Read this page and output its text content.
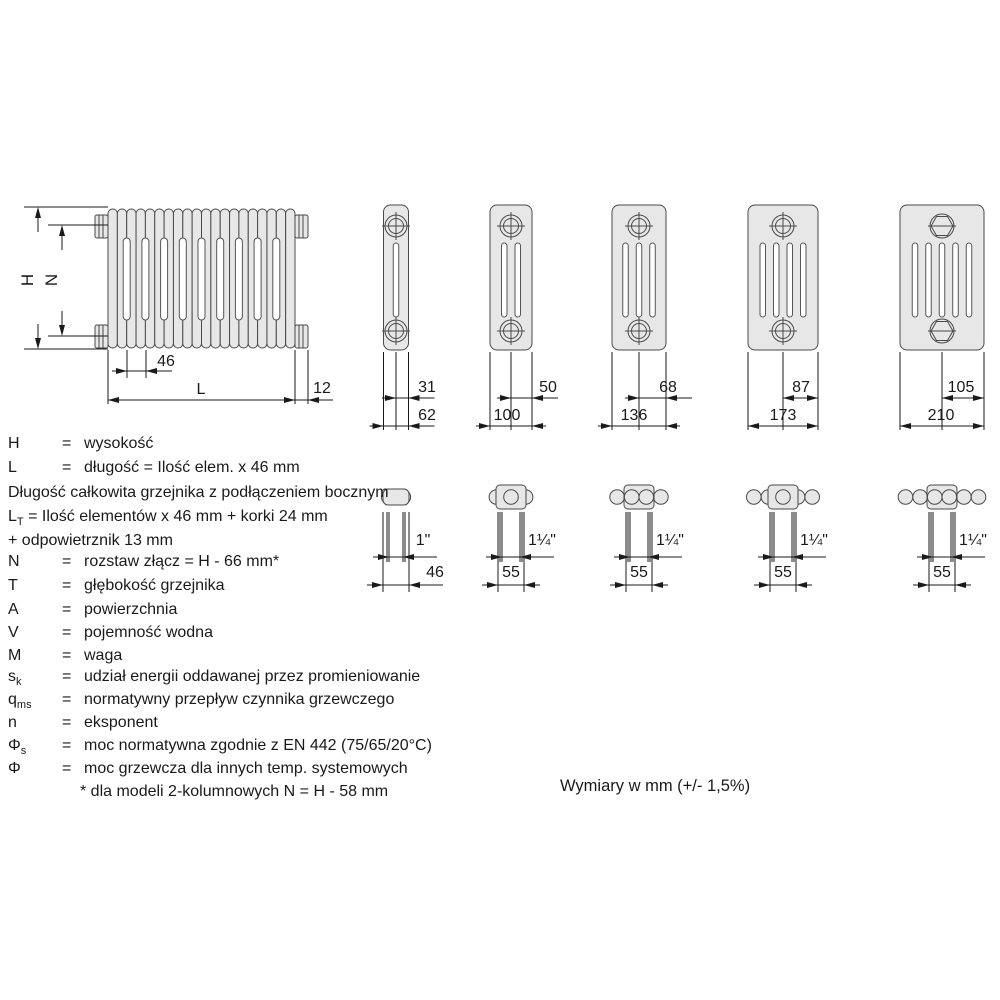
31	50	68	87	105
62	100	136	173	210
1"	1¼"	1¼"	1¼"	1¼"
46	55	55	55	55
46
L	12
H N
H	= wysokość
L	= długość = Ilość elem. x 46 mm
Długość całkowita grzejnika z podłączeniem bocznym
$L_T$ = Ilość elementów x 46 mm + korki 24 mm
+ odpowietrznik 13 mm
N	= rozstaw złącz = H - 66 mm*
T	= głębokość grzejnika
A	= powierzchnia
V	= pojemność wodna
M	= waga
$s_k$	= udział energii oddawanej przez promieniowanie
$q_{ms}$ = normatywny przepływ czynnika grzewczego
n	= eksponent
$\Phi_s$ = moc normatywna zgodnie z EN 442 (75/65/20°C)
Φ	= moc grzewcza dla innych temp. systemowych
* dla modeli 2-kolumnowych N = H - 58 mm	Wymiary w mm (+/- 1,5%)
